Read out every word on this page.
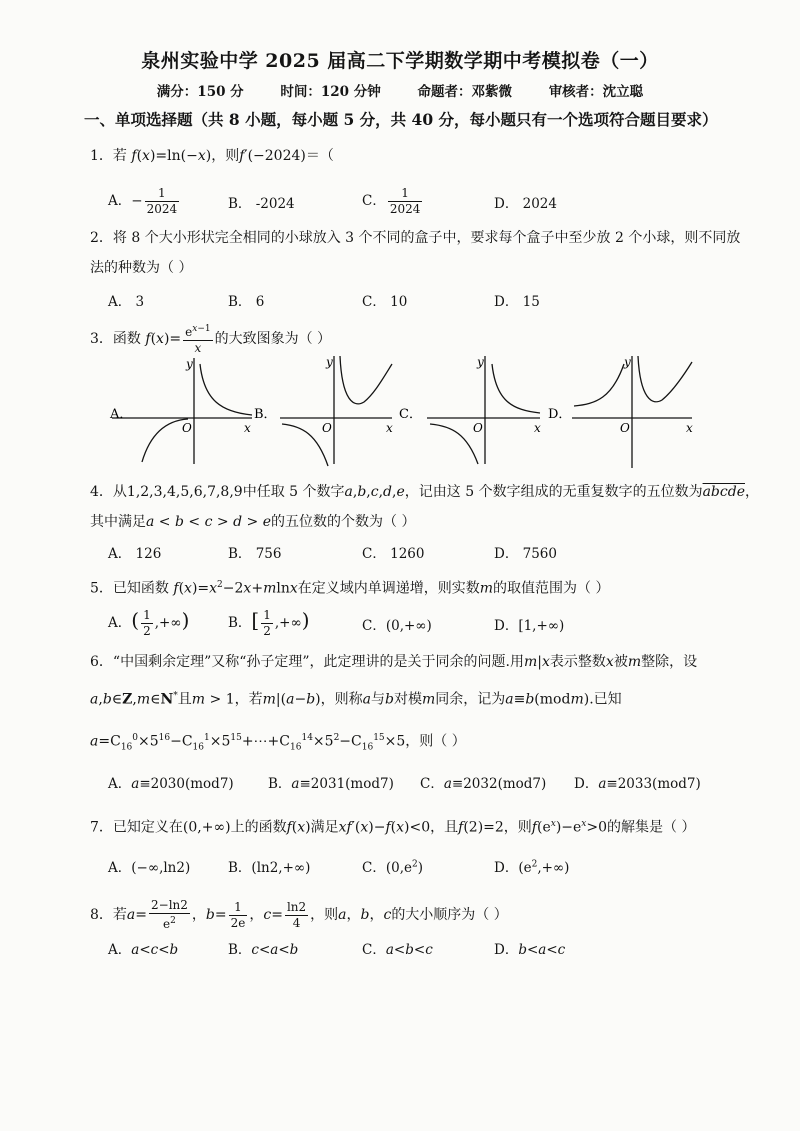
泉州实验中学 2025 届高二下学期数学期中考模拟卷（一）
满分：150 分	时间：120 分钟	命题者：邓紫微	审核者：沈立聪
一、单项选择题（共 8 小题，每小题 5 分，共 40 分，每小题只有一个选项符合题目要求）
1．若 f(x)=ln(−x)，则f′(−2024)＝（
A．− $\frac{1}{2024}$	B． -2024	C． $\frac{1}{2024}$	D． 2024
2．将 8 个大小形状完全相同的小球放入 3 个不同的盒子中，要求每个盒子中至少放 2 个小球，则不同放
法的种数为（ ）
A． 3	B． 6	C． 10	D． 15
3．函数 $f(x)= \frac{e^{x-1}}{x}$ 的大致图象为（ ）
A．
y
O	x
B．
y
O	x
C．
y
O	x
D．
y
O	x
4．从1,2,3,4,5,6,7,8,9中任取 5 个数字a,b,c,d,e，记由这 5 个数字组成的无重复数字的五位数为abcde，
其中满足a < b < c > d > e的五位数的个数为（ ）
A． 126	B． 756	C． 1260	D． 7560
5．已知函数 $f(x)=x^2-2x+mlnx$在定义域内单调递增，则实数m的取值范围为（ ）
A．( $\frac{1}{2}$ ,+∞)	B．[ $\frac{1}{2}$ ,+∞)	C．(0,+∞)	D．[1,+∞)
6．“中国剩余定理”又称“孙子定理”，此定理讲的是关于同余的问题.用m|x表示整数x被m整除，设
a,b∈Z,m∈N*且m > 1，若m|(a−b)，则称a与b对模m同余，记为a≡b(modm).已知
$a=C_{16}^0\times 5^{16}-C_{16}^1\times 5^{15}+\cdots+C_{16}^{14}\times 5^2-C_{16}^{15}\times 5$，则（ ）
A．a≡2030(mod7)	B．a≡2031(mod7) C．a≡2032(mod7) D．a≡2033(mod7)
7．已知定义在(0,+∞)上的函数f(x)满足xf′(x)−f(x)<0，且f(2)=2，则$f(e^x)-e^x>0$的解集是（ ）
A．(−∞,ln2)	B．(ln2,+∞)	C．$(0,e^2)$	D．$(e^2,+\infty)$
8．若$a= \frac{2-\ln 2}{e^2}$ ，$b= \frac{1}{2e}$ ，$c= \frac{\ln 2}{4}$ ，则a，b，c的大小顺序为（ ）
A．a<c<b	B．c<a<b	C．a<b<c	D．b<a<c
